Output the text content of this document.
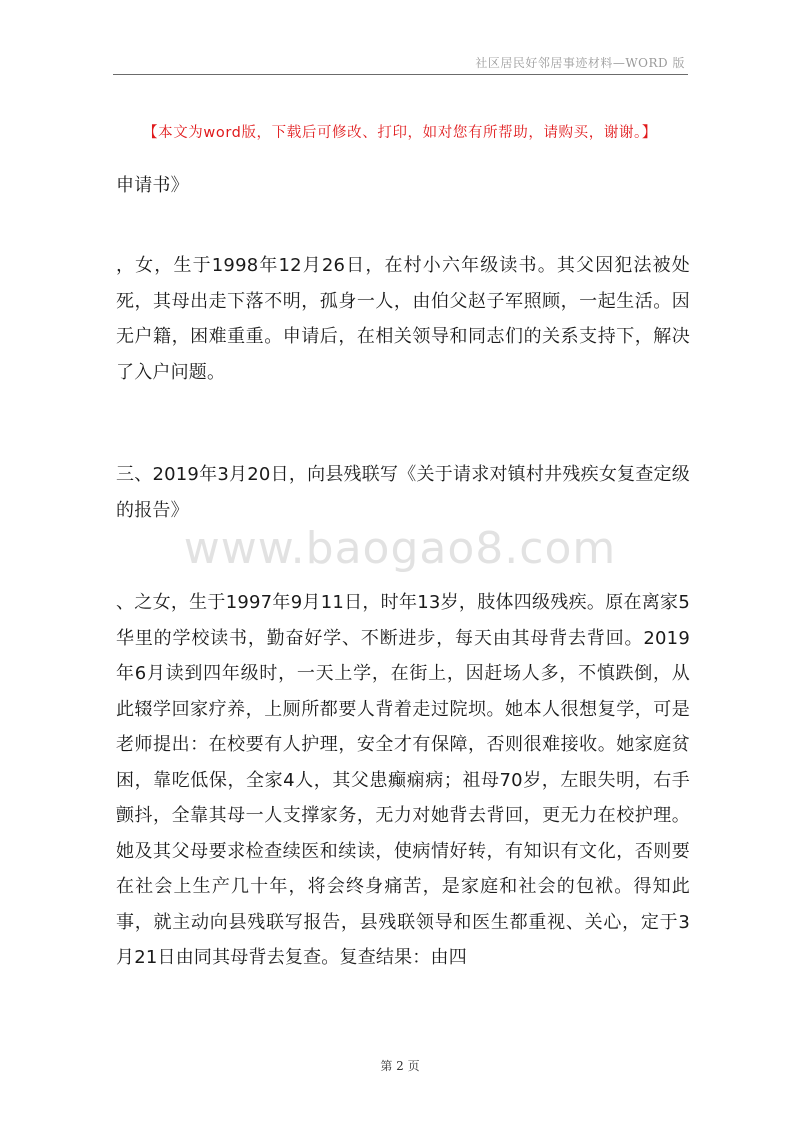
社区居民好邻居事迹材料—WORD 版
【本文为word版，下载后可修改、打印，如对您有所帮助，请购买，谢谢。】
申请书》
，女，生于1998年12月26日，在村小六年级读书。其父因犯法被处死，其母出走下落不明，孤身一人，由伯父赵子军照顾，一起生活。因无户籍，困难重重。申请后，在相关领导和同志们的关系支持下，解决了入户问题。
三、2019年3月20日，向县残联写《关于请求对镇村井残疾女复查定级的报告》
www.baogao8.com
、之女，生于1997年9月11日，时年13岁，肢体四级残疾。原在离家5华里的学校读书，勤奋好学、不断进步，每天由其母背去背回。2019年6月读到四年级时，一天上学，在街上，因赶场人多，不慎跌倒，从此辍学回家疗养，上厕所都要人背着走过院坝。她本人很想复学，可是老师提出：在校要有人护理，安全才有保障，否则很难接收。她家庭贫困，靠吃低保，全家4人，其父患癫痫病；祖母70岁，左眼失明，右手颤抖，全靠其母一人支撑家务，无力对她背去背回，更无力在校护理。她及其父母要求检查续医和续读，使病情好转，有知识有文化，否则要在社会上生产几十年，将会终身痛苦，是家庭和社会的包袱。得知此事，就主动向县残联写报告，县残联领导和医生都重视、关心，定于3月21日由同其母背去复查。复查结果：由四
第 2 页
